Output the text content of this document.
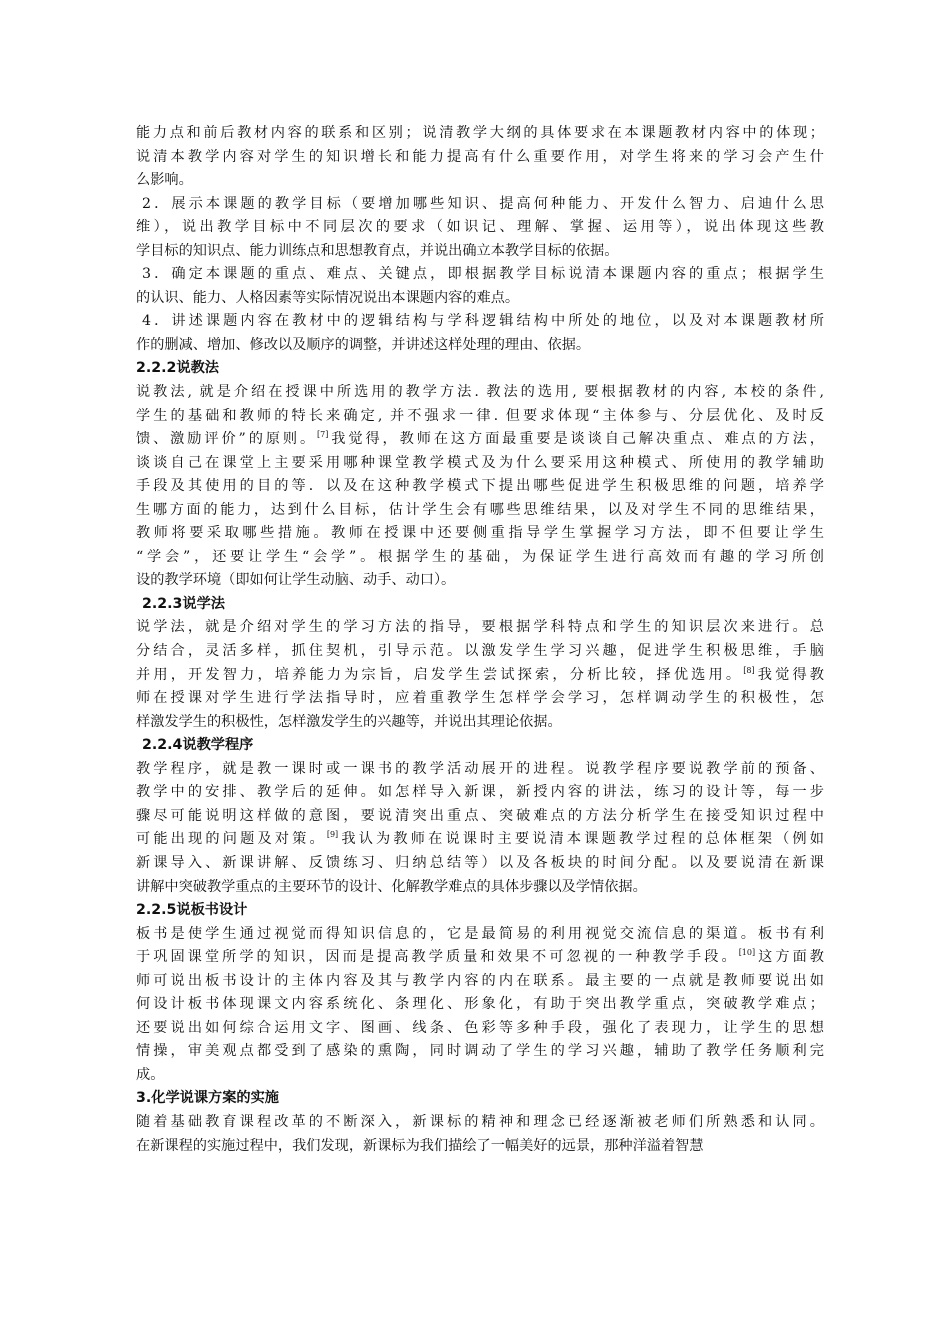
能力点和前后教材内容的联系和区别；说清教学大纲的具体要求在本课题教材内容中的体现；
说清本教学内容对学生的知识增长和能力提高有什么重要作用，对学生将来的学习会产生什
么影响。
2．展示本课题的教学目标（要增加哪些知识、提高何种能力、开发什么智力、启迪什么思
维），说出教学目标中不同层次的要求（如识记、理解、掌握、运用等），说出体现这些教
学目标的知识点、能力训练点和思想教育点，并说出确立本教学目标的依据。
3．确定本课题的重点、难点、关键点，即根据教学目标说清本课题内容的重点；根据学生
的认识、能力、人格因素等实际情况说出本课题内容的难点。
4．讲述课题内容在教材中的逻辑结构与学科逻辑结构中所处的地位，以及对本课题教材所
作的删减、增加、修改以及顺序的调整，并讲述这样处理的理由、依据。
2.2.2说教法
说教法, 就是介绍在授课中所选用的教学方法. 教法的选用, 要根据教材的内容, 本校的条件,
学生的基础和教师的特长来确定, 并不强求一律. 但要求体现“主体参与、分层优化、及时反
馈、激励评价”的原则。[7]我觉得，教师在这方面最重要是谈谈自己解决重点、难点的方法，
谈谈自己在课堂上主要采用哪种课堂教学模式及为什么要采用这种模式、所使用的教学辅助
手段及其使用的目的等．以及在这种教学模式下提出哪些促进学生积极思维的问题，培养学
生哪方面的能力，达到什么目标，估计学生会有哪些思维结果，以及对学生不同的思维结果，
教师将要采取哪些措施。教师在授课中还要侧重指导学生掌握学习方法，即不但要让学生
“学会”，还要让学生“会学”。根据学生的基础，为保证学生进行高效而有趣的学习所创
设的教学环境（即如何让学生动脑、动手、动口）。
2.2.3说学法
说学法，就是介绍对学生的学习方法的指导，要根据学科特点和学生的知识层次来进行。总
分结合，灵活多样，抓住契机，引导示范。以激发学生学习兴趣，促进学生积极思维，手脑
并用，开发智力，培养能力为宗旨，启发学生尝试探索，分析比较，择优选用。[8]我觉得教
师在授课对学生进行学法指导时，应着重教学生怎样学会学习，怎样调动学生的积极性，怎
样激发学生的积极性，怎样激发学生的兴趣等，并说出其理论依据。
2.2.4说教学程序
教学程序，就是教一课时或一课书的教学活动展开的进程。说教学程序要说教学前的预备、
教学中的安排、教学后的延伸。如怎样导入新课，新授内容的讲法，练习的设计等，每一步
骤尽可能说明这样做的意图，要说清突出重点、突破难点的方法分析学生在接受知识过程中
可能出现的问题及对策。[9]我认为教师在说课时主要说清本课题教学过程的总体框架（例如
新课导入、新课讲解、反馈练习、归纳总结等）以及各板块的时间分配。以及要说清在新课
讲解中突破教学重点的主要环节的设计、化解教学难点的具体步骤以及学情依据。
2.2.5说板书设计
板书是使学生通过视觉而得知识信息的，它是最简易的利用视觉交流信息的渠道。板书有利
于巩固课堂所学的知识，因而是提高教学质量和效果不可忽视的一种教学手段。[10]这方面教
师可说出板书设计的主体内容及其与教学内容的内在联系。最主要的一点就是教师要说出如
何设计板书体现课文内容系统化、条理化、形象化，有助于突出教学重点，突破教学难点；
还要说出如何综合运用文字、图画、线条、色彩等多种手段，强化了表现力，让学生的思想
情操，审美观点都受到了感染的熏陶，同时调动了学生的学习兴趣，辅助了教学任务顺利完
成。
3.化学说课方案的实施
随着基础教育课程改革的不断深入，新课标的精神和理念已经逐渐被老师们所熟悉和认同。
在新课程的实施过程中，我们发现，新课标为我们描绘了一幅美好的远景，那种洋溢着智慧
